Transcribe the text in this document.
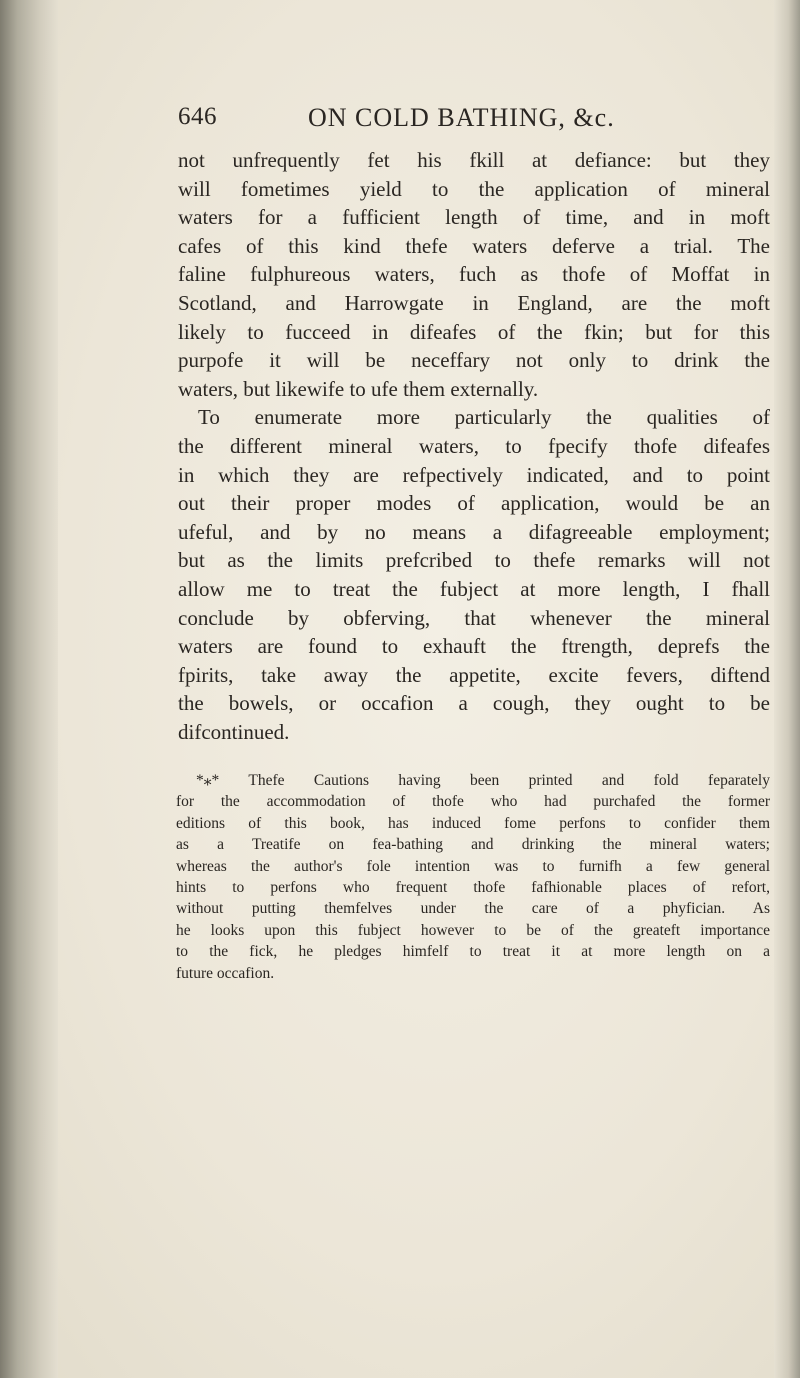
646	ON COLD BATHING, &c.
not unfrequently fet his fkill at defiance: but they
will fometimes yield to the application of mineral
waters for a fufficient length of time, and in moft
cafes of this kind thefe waters deferve a trial. The
faline fulphureous waters, fuch as thofe of Moffat in
Scotland, and Harrowgate in England, are the moft
likely to fucceed in difeafes of the fkin; but for this
purpofe it will be neceffary not only to drink the
waters, but likewife to ufe them externally.
To enumerate more particularly the qualities of
the different mineral waters, to fpecify thofe difeafes
in which they are refpectively indicated, and to point
out their proper modes of application, would be an
ufeful, and by no means a difagreeable employment;
but as the limits prefcribed to thefe remarks will not
allow me to treat the fubject at more length, I fhall
conclude by obferving, that whenever the mineral
waters are found to exhauft the ftrength, deprefs the
fpirits, take away the appetite, excite fevers, diftend
the bowels, or occafion a cough, they ought to be
difcontinued.
*⁎* Thefe Cautions having been printed and fold feparately
for the accommodation of thofe who had purchafed the former
editions of this book, has induced fome perfons to confider them
as a Treatife on fea-bathing and drinking the mineral waters;
whereas the author's fole intention was to furnifh a few general
hints to perfons who frequent thofe fafhionable places of refort,
without putting themfelves under the care of a phyfician. As
he looks upon this fubject however to be of the greateft importance
to the fick, he pledges himfelf to treat it at more length on a
future occafion.
